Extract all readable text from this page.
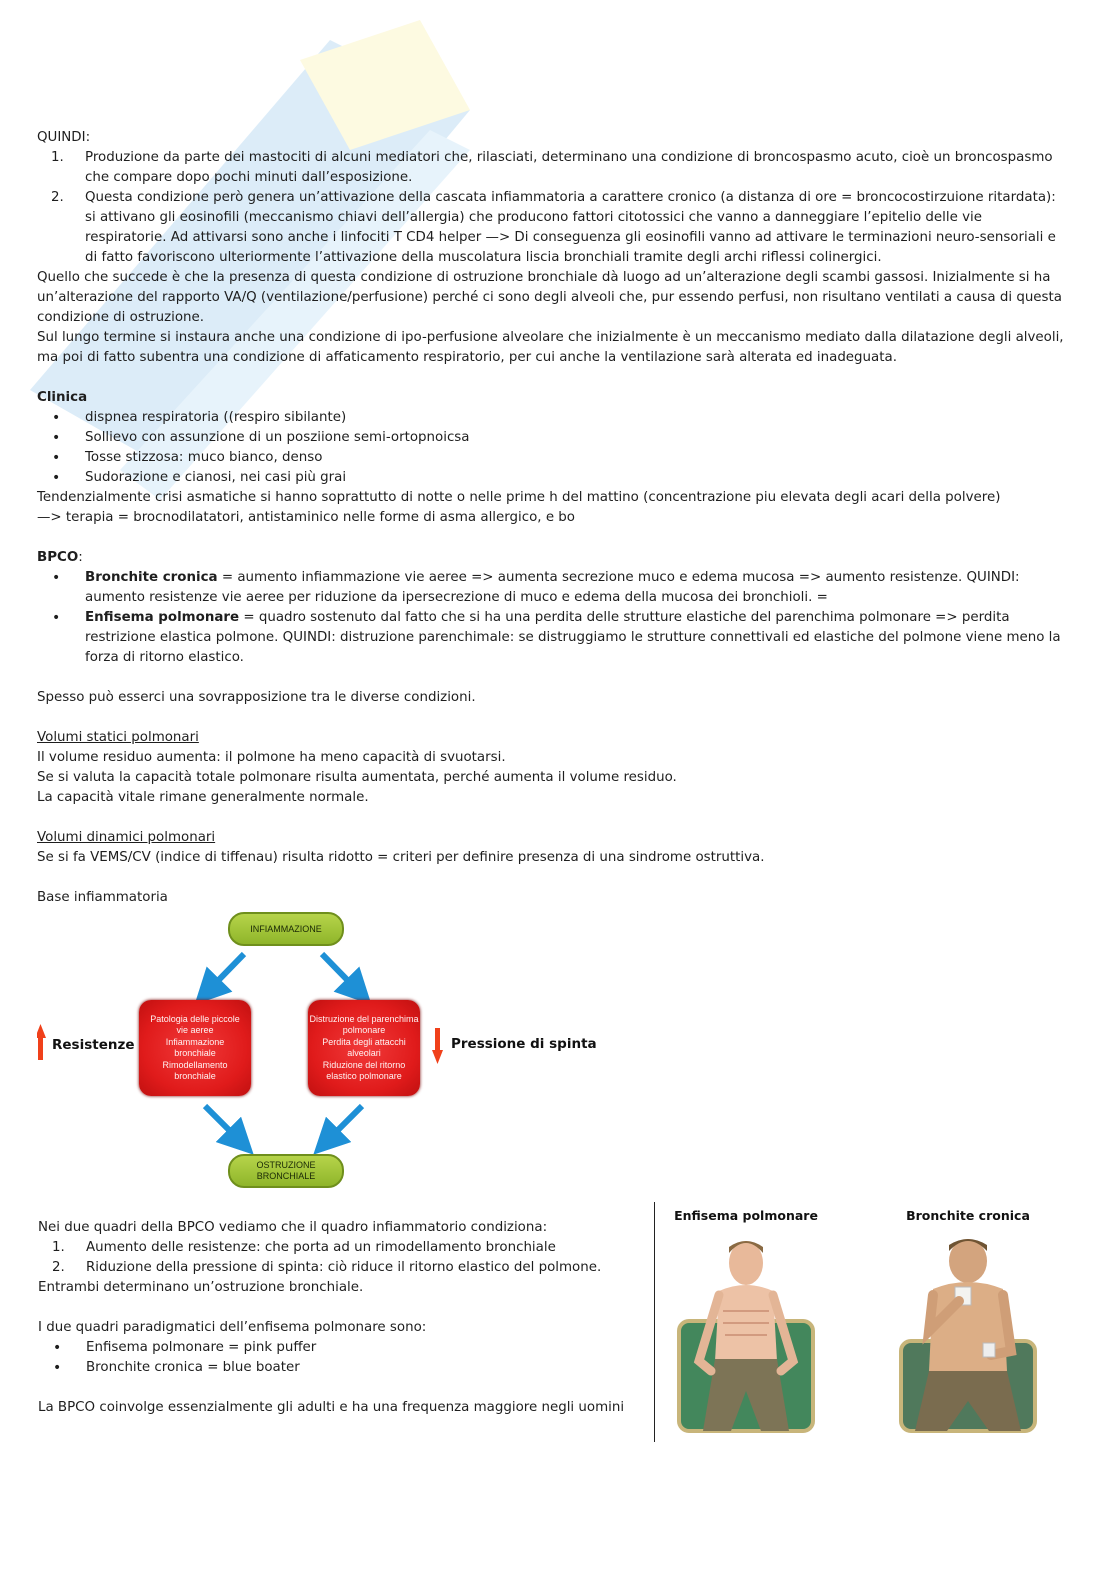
QUINDI:

1. Produzione da parte dei mastociti di alcuni mediatori che, rilasciati, determinano una condizione di broncospasmo acuto, cioè un broncospasmo che compare dopo pochi minuti dall’esposizione.
2. Questa condizione però genera un’attivazione della cascata infiammatoria a carattere cronico (a distanza di ore = broncocostirzuione ritardata): si attivano gli eosinofili (meccanismo chiavi dell’allergia) che producono fattori citotossici che vanno a danneggiare l’epitelio delle vie respiratorie. Ad attivarsi sono anche i linfociti T CD4 helper —> Di conseguenza gli eosinofili vanno ad attivare le terminazioni neuro-sensoriali e di fatto favoriscono ulteriormente l’attivazione della muscolatura liscia bronchiali tramite degli archi riflessi colinergici.

Quello che succede è che la presenza di questa condizione di ostruzione bronchiale dà luogo ad un’alterazione degli scambi gassosi. Inizialmente si ha un’alterazione del rapporto VA/Q (ventilazione/perfusione) perché ci sono degli alveoli che, pur essendo perfusi, non risultano ventilati a causa di questa condizione di ostruzione.

Sul lungo termine si instaura anche una condizione di ipo-perfusione alveolare che inizialmente è un meccanismo mediato dalla dilatazione degli alveoli, ma poi di fatto subentra una condizione di affaticamento respiratorio, per cui anche la ventilazione sarà alterata ed inadeguata.

Clinica

• dispnea respiratoria ((respiro sibilante)
• Sollievo con assunzione di un posziione semi-ortopnoicsa
• Tosse stizzosa: muco bianco, denso
• Sudorazione e cianosi, nei casi più grai

Tendenzialmente crisi asmatiche si hanno soprattutto di notte o nelle prime h del mattino (concentrazione piu elevata degli acari della polvere)

—> terapia = brocnodilatatori, antistaminico nelle forme di asma allergico, e bo

BPCO:

• Bronchite cronica = aumento infiammazione vie aeree => aumenta secrezione muco e edema mucosa => aumento resistenze. QUINDI: aumento resistenze vie aeree per riduzione da ipersecrezione di muco e edema della mucosa dei bronchioli. =
• Enfisema polmonare = quadro sostenuto dal fatto che si ha una perdita delle strutture elastiche del parenchima polmonare => perdita restrizione elastica polmone. QUINDI: distruzione parenchimale: se distruggiamo le strutture connettivali ed elastiche del polmone viene meno la forza di ritorno elastico.

Spesso può esserci una sovrapposizione tra le diverse condizioni.

Volumi statici polmonari

Il volume residuo aumenta: il polmone ha meno capacità di svuotarsi.

Se si valuta la capacità totale polmonare risulta aumentata, perché aumenta il volume residuo.

La capacità vitale rimane generalmente normale.

Volumi dinamici polmonari

Se si fa VEMS/CV (indice di tiffenau) risulta ridotto = criteri per definire presenza di una sindrome ostruttiva.

Base infiammatoria

INFIAMMAZIONE
Patologia delle piccole
vie aeree
Infiammazione
bronchiale
Rimodellamento
bronchiale
Distruzione del parenchima
polmonare
Perdita degli attacchi
alveolari
Riduzione del ritorno
elastico polmonare
OSTRUZIONE
BRONCHIALE
Resistenze	Pressione di spinta

Nei due quadri della BPCO vediamo che il quadro infiammatorio condiziona:

1. Aumento delle resistenze: che porta ad un rimodellamento bronchiale
2. Riduzione della pressione di spinta: ciò riduce il ritorno elastico del polmone.

Entrambi determinano un’ostruzione bronchiale.

I due quadri paradigmatici dell’enfisema polmonare sono:

• Enfisema polmonare = pink puffer
• Bronchite cronica = blue boater

La BPCO coinvolge essenzialmente gli adulti e ha una frequenza maggiore negli uomini

Enfisema polmonare	Bronchite cronica
